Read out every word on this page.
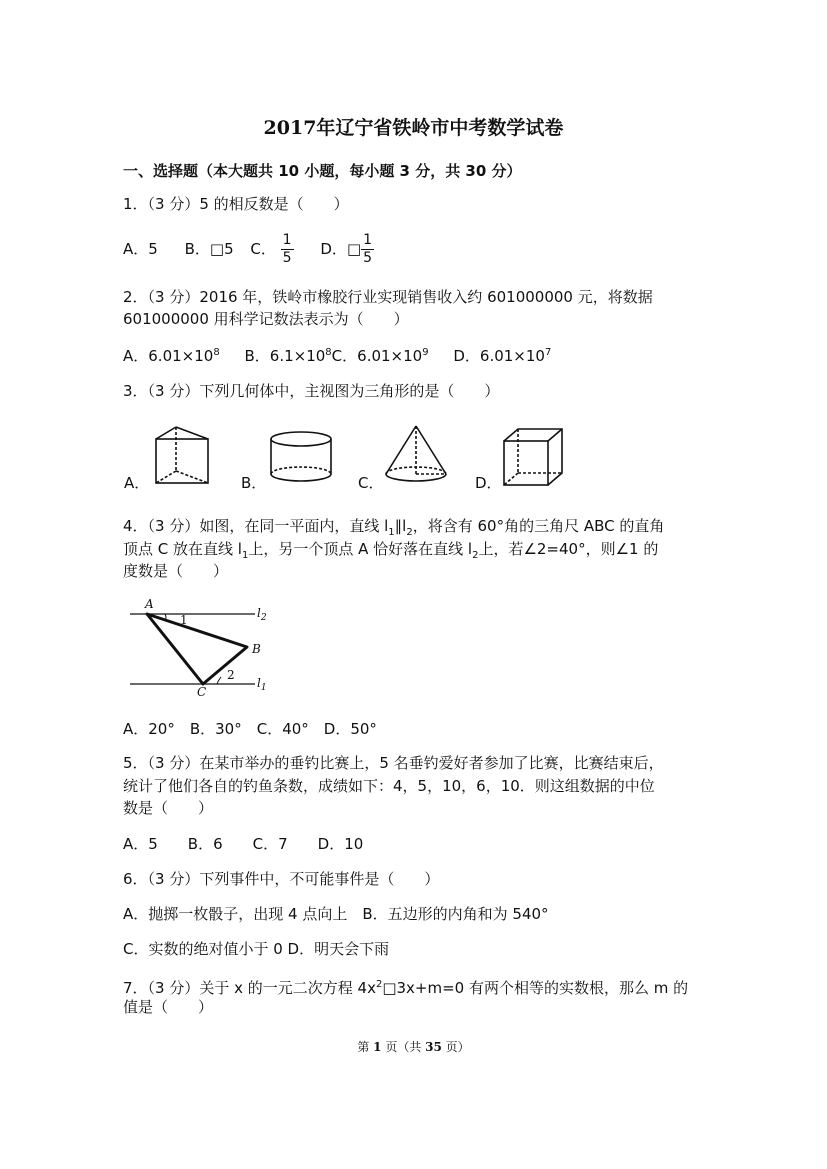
2017年辽宁省铁岭市中考数学试卷
一、选择题（本大题共 10 小题，每小题 3 分，共 30 分）
1．（3 分）5 的相反数是（　　）
A．5 B．□5 C． $\frac{1}{5}$ D．□ $\frac{1}{5}$
2．（3 分）2016 年，铁岭市橡胶行业实现销售收入约 601000000 元，将数据
601000000 用科学记数法表示为（　　）
A．$6.01\times 10^8$ B．$6.1\times 10^8C$．$6.01\times 10^9$ D．$6.01\times 10^7$
3．（3 分）下列几何体中，主视图为三角形的是（　　）
A．	B．	C．	D．
4．（3 分）如图，在同一平面内，直线 $l_1\parallel l_2$，将含有 60°角的三角尺 ABC 的直角
顶点 C 放在直线 $l_1$上，另一个顶点 A 恰好落在直线 $l_2$上，若∠2=40°，则∠1 的
度数是（　　）
A
B
C
$l_2$
$l_1$
1
2
A．20°　B．30°　C．40°　D．50°
5．（3 分）在某市举办的垂钓比赛上，5 名垂钓爱好者参加了比赛，比赛结束后，
统计了他们各自的钓鱼条数，成绩如下：4，5，10，6，10．则这组数据的中位
数是（　　）
A．5　　B．6　　C．7　　D．10
6．（3 分）下列事件中，不可能事件是（　　）
A．抛掷一枚骰子，出现 4 点向上　B．五边形的内角和为 540°
C．实数的绝对值小于 0 D．明天会下雨
7．（3 分）关于 x 的一元二次方程 $4x^2□3x+m=0$ 有两个相等的实数根，那么 m 的
值是（　　）
第 1 页（共 35 页）
